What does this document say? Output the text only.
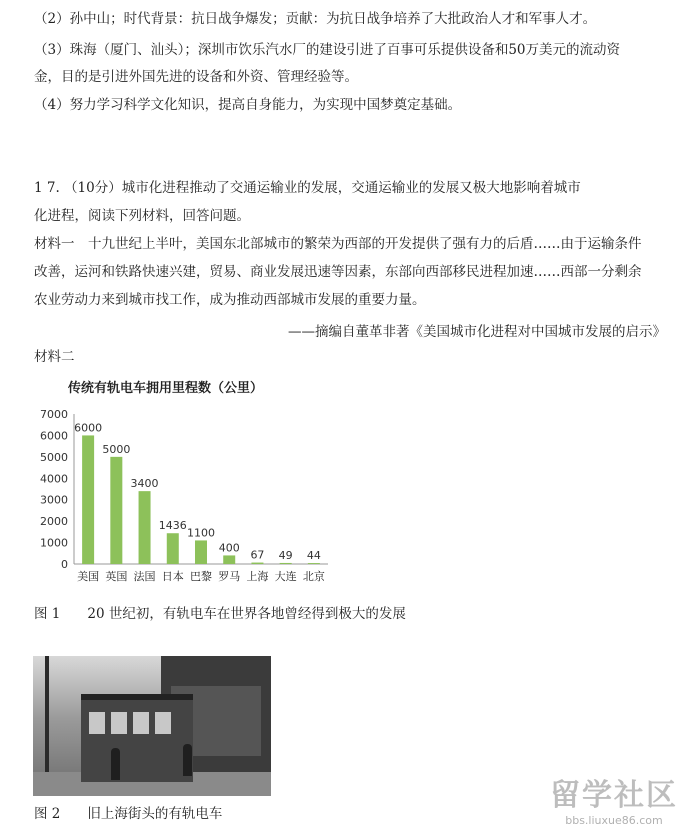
（2）孙中山；时代背景：抗日战争爆发；贡献：为抗日战争培养了大批政治人才和军事人才。
（3）珠海（厦门、汕头）；深圳市饮乐汽水厂的建设引进了百事可乐提供设备和50万美元的流动资
金，目的是引进外国先进的设备和外资、管理经验等。
（4）努力学习科学文化知识，提高自身能力，为实现中国梦奠定基础。
1 7. （10分）城市化进程推动了交通运输业的发展，交通运输业的发展又极大地影响着城市
化进程，阅读下列材料，回答问题。
材料一　十九世纪上半叶，美国东北部城市的繁荣为西部的开发提供了强有力的后盾……由于运输条件
改善，运河和铁路快速兴建，贸易、商业发展迅速等因素，东部向西部移民进程加速……西部一分剩余
农业劳动力来到城市找工作，成为推动西部城市发展的重要力量。
——摘编自董革非著《美国城市化进程对中国城市发展的启示》
材料二
传统有轨电车拥用里程数（公里）
0
1000
2000
3000
4000
5000
6000
7000
6000
美国
5000
英国
3400
法国
1436
日本
1100
巴黎
400
罗马
67
上海
49
大连
44
北京
图 1　　20 世纪初，有轨电车在世界各地曾经得到极大的发展
图 2　　旧上海街头的有轨电车
留学社区
bbs.liuxue86.com
